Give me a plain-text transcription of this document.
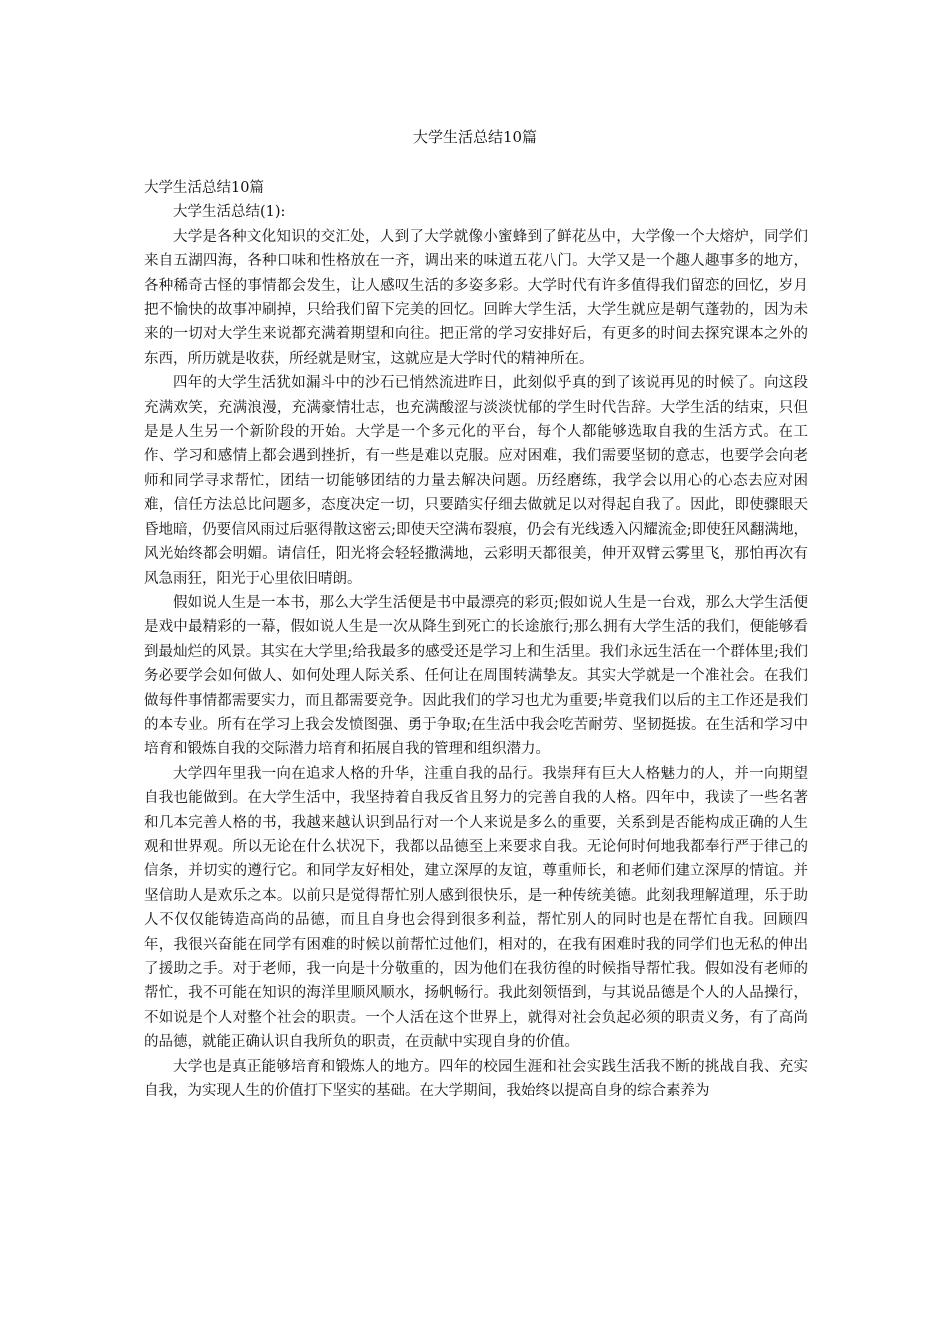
大学生活总结10篇

大学生活总结10篇

大学生活总结(1):

大学是各种文化知识的交汇处，人到了大学就像小蜜蜂到了鲜花丛中，大学像一个大熔炉，同学们来自五湖四海，各种口味和性格放在一齐，调出来的味道五花八门。大学又是一个趣人趣事多的地方，各种稀奇古怪的事情都会发生，让人感叹生活的多姿多彩。大学时代有许多值得我们留恋的回忆，岁月把不愉快的故事冲刷掉，只给我们留下完美的回忆。回眸大学生活，大学生就应是朝气蓬勃的，因为未来的一切对大学生来说都充满着期望和向往。把正常的学习安排好后，有更多的时间去探究课本之外的东西，所历就是收获，所经就是财宝，这就应是大学时代的精神所在。

四年的大学生活犹如漏斗中的沙石已悄然流进昨日，此刻似乎真的到了该说再见的时候了。向这段充满欢笑，充满浪漫，充满豪情壮志，也充满酸涩与淡淡忧郁的学生时代告辞。大学生活的结束，只但是是人生另一个新阶段的开始。大学是一个多元化的平台，每个人都能够选取自我的生活方式。在工作、学习和感情上都会遇到挫折，有一些是难以克服。应对困难，我们需要坚韧的意志，也要学会向老师和同学寻求帮忙，团结一切能够团结的力量去解决问题。历经磨练，我学会以用心的心态去应对困难，信任方法总比问题多，态度决定一切，只要踏实仔细去做就足以对得起自我了。因此，即使骤眼天昏地暗，仍要信风雨过后驱得散这密云;即使天空满布裂痕，仍会有光线透入闪耀流金;即使狂风翻满地，风光始终都会明媚。请信任，阳光将会轻轻撒满地，云彩明天都很美，伸开双臂云雾里飞，那怕再次有风急雨狂，阳光于心里依旧晴朗。

假如说人生是一本书，那么大学生活便是书中最漂亮的彩页;假如说人生是一台戏，那么大学生活便是戏中最精彩的一幕，假如说人生是一次从降生到死亡的长途旅行;那么拥有大学生活的我们，便能够看到最灿烂的风景。其实在大学里;给我最多的感受还是学习上和生活里。我们永远生活在一个群体里;我们务必要学会如何做人、如何处理人际关系、任何让在周围转满挚友。其实大学就是一个准社会。在我们做每件事情都需要实力，而且都需要竞争。因此我们的学习也尤为重要;毕竟我们以后的主工作还是我们的本专业。所有在学习上我会发愤图强、勇于争取;在生活中我会吃苦耐劳、坚韧挺拔。在生活和学习中培育和锻炼自我的交际潜力培育和拓展自我的管理和组织潜力。

大学四年里我一向在追求人格的升华，注重自我的品行。我崇拜有巨大人格魅力的人，并一向期望自我也能做到。在大学生活中，我坚持着自我反省且努力的完善自我的人格。四年中，我读了一些名著和几本完善人格的书，我越来越认识到品行对一个人来说是多么的重要，关系到是否能构成正确的人生观和世界观。所以无论在什么状况下，我都以品德至上来要求自我。无论何时何地我都奉行严于律己的信条，并切实的遵行它。和同学友好相处，建立深厚的友谊，尊重师长，和老师们建立深厚的情谊。并坚信助人是欢乐之本。以前只是觉得帮忙别人感到很快乐，是一种传统美德。此刻我理解道理，乐于助人不仅仅能铸造高尚的品德，而且自身也会得到很多利益，帮忙别人的同时也是在帮忙自我。回顾四年，我很兴奋能在同学有困难的时候以前帮忙过他们，相对的，在我有困难时我的同学们也无私的伸出了援助之手。对于老师，我一向是十分敬重的，因为他们在我彷徨的时候指导帮忙我。假如没有老师的帮忙，我不可能在知识的海洋里顺风顺水，扬帆畅行。我此刻领悟到，与其说品德是个人的人品操行，不如说是个人对整个社会的职责。一个人活在这个世界上，就得对社会负起必须的职责义务，有了高尚的品德，就能正确认识自我所负的职责，在贡献中实现自身的价值。

大学也是真正能够培育和锻炼人的地方。四年的校园生涯和社会实践生活我不断的挑战自我、充实自我，为实现人生的价值打下坚实的基础。在大学期间，我始终以提高自身的综合素养为
